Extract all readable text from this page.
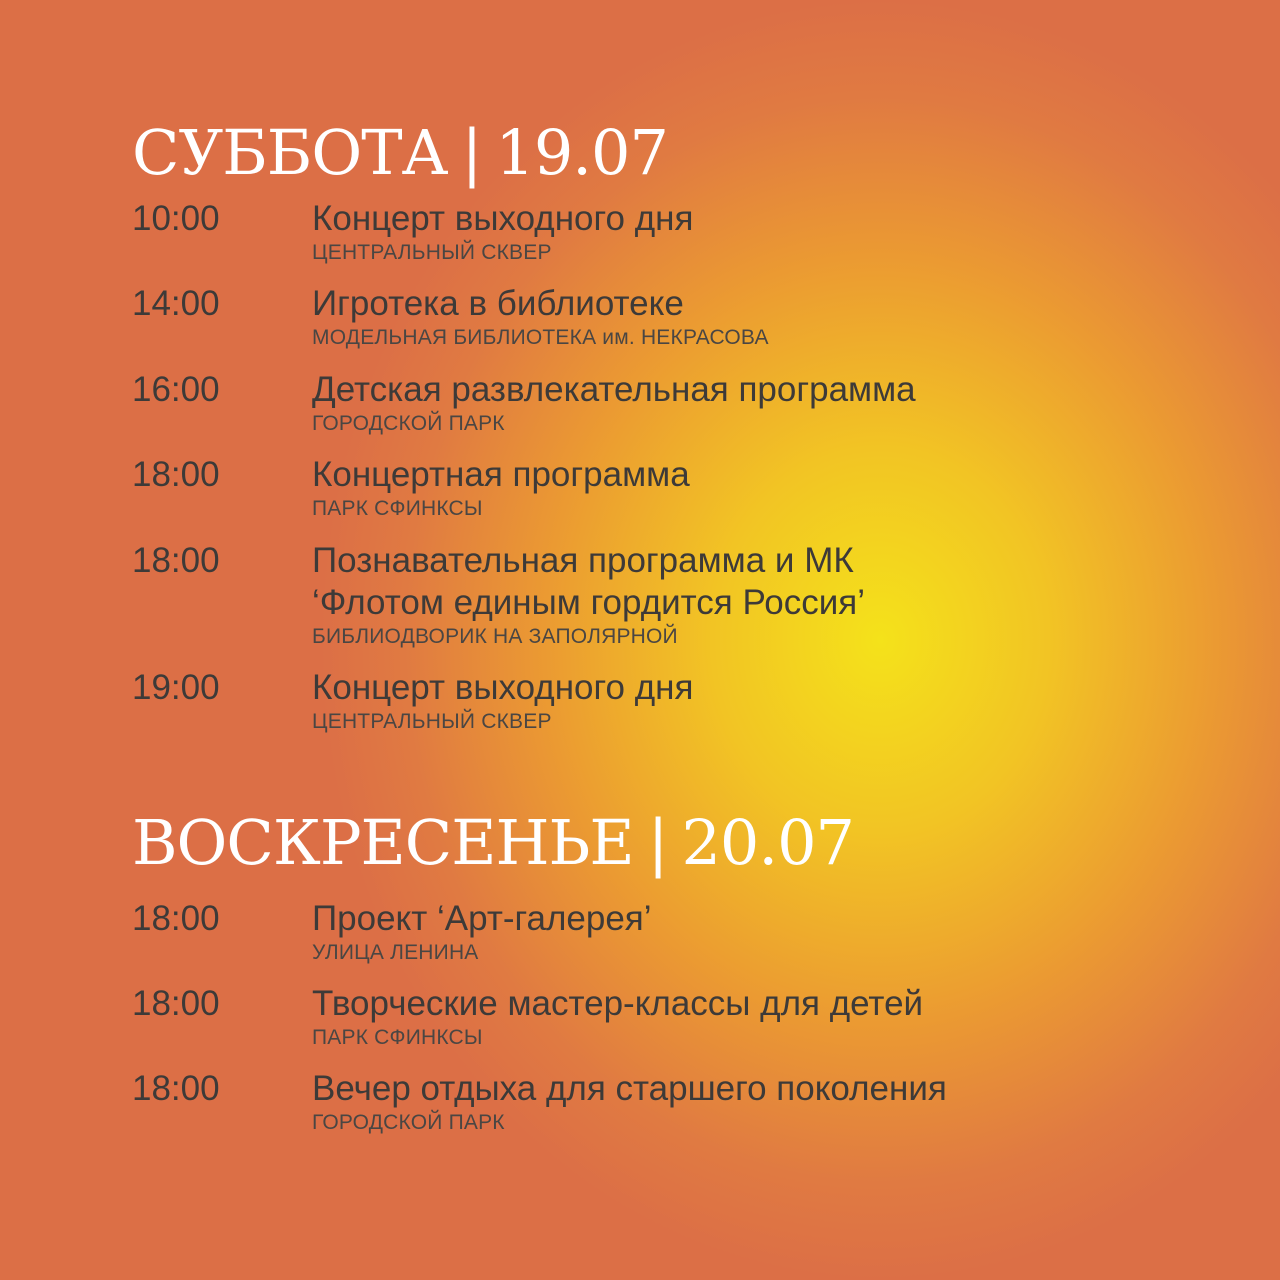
СУББОТА | 19.07
10:00	Концерт выходного дня
ЦЕНТРАЛЬНЫЙ СКВЕР
14:00	Игротека в библиотеке
МОДЕЛЬНАЯ БИБЛИОТЕКА им. НЕКРАСОВА
16:00	Детская развлекательная программа
ГОРОДСКОЙ ПАРК
18:00	Концертная программа
ПАРК СФИНКСЫ
18:00	Познавательная программа и МК
‘Флотом единым гордится Россия’
БИБЛИОДВОРИК НА ЗАПОЛЯРНОЙ
19:00	Концерт выходного дня
ЦЕНТРАЛЬНЫЙ СКВЕР
ВОСКРЕСЕНЬЕ | 20.07
18:00	Проект ‘Арт-галерея’
УЛИЦА ЛЕНИНА
18:00	Творческие мастер-классы для детей
ПАРК СФИНКСЫ
18:00	Вечер отдыха для старшего поколения
ГОРОДСКОЙ ПАРК
